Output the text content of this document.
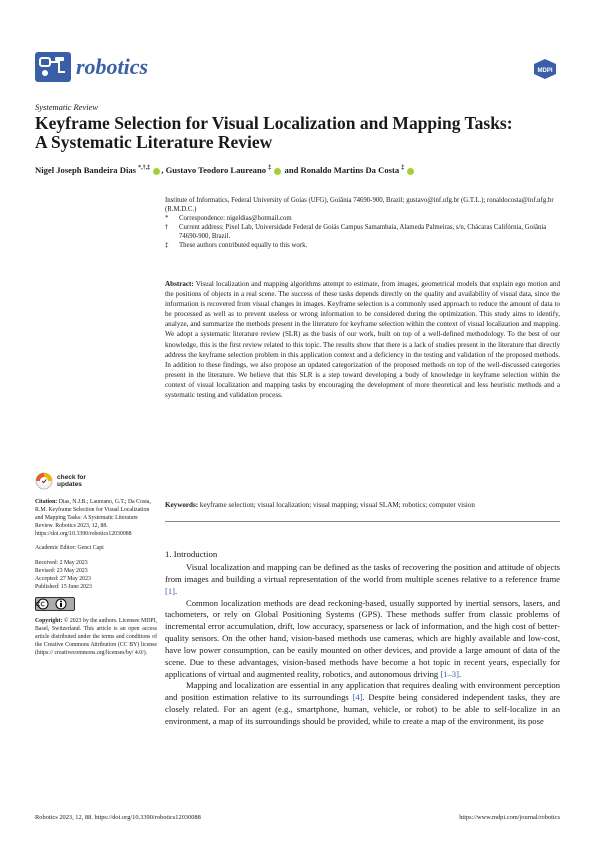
robotics	MDPI
Systematic Review
Keyframe Selection for Visual Localization and Mapping Tasks: A Systematic Literature Review
Nigel Joseph Bandeira Dias *,†,‡ , Gustavo Teodoro Laureano ‡  and Ronaldo Martins Da Costa ‡
Institute of Informatics, Federal University of Goias (UFG), Goiânia 74690-900, Brazil; gustavo@inf.ufg.br (G.T.L.); ronaldocosta@inf.ufg.br (R.M.D.C.)
*	Correspondence: nigeldias@hotmail.com
†	Current address: Pixel Lab, Universidade Federal de Goiás Campus Samambaia, Alameda Palmeiras, s/n, Chácaras Califórnia, Goiânia 74690-900, Brazil.
‡	These authors contributed equally to this work.
Abstract: Visual localization and mapping algorithms attempt to estimate, from images, geometrical models that explain ego motion and the positions of objects in a real scene. The success of these tasks depends directly on the quality and availability of visual data, since the information is recovered from visual changes in images. Keyframe selection is a commonly used approach to reduce the amount of data to be processed as well as to prevent useless or wrong information to be considered during the optimization. This study aims to identify, analyze, and summarize the methods present in the literature for keyframe selection within the context of visual localization and mapping. We adopt a systematic literature review (SLR) as the basis of our work, built on top of a well-defined methodology. To the best of our knowledge, this is the first review related to this topic. The results show that there is a lack of studies present in the literature that directly address the keyframe selection problem in this application context and a deficiency in the testing and validation of the proposed methods. In addition to these findings, we also propose an updated categorization of the proposed methods on top of the well-discussed categories present in the literature. We believe that this SLR is a step toward developing a body of knowledge in keyframe selection within the context of visual localization and mapping tasks by encouraging the development of more theoretical and less heuristic methods and a systematic testing and validation process.
Keywords: keyframe selection; visual localization; visual mapping; visual SLAM; robotics; computer vision
check for
updates
Citation: Dias, N.J.B.; Laureano, G.T.; Da Costa, R.M. Keyframe Selection for Visual Localization and Mapping Tasks: A Systematic Literature Review. Robotics 2023, 12, 88. https://doi.org/10.3390/robotics12030088
Academic Editor: Genci Capi
Received: 2 May 2023
Revised: 23 May 2023
Accepted: 27 May 2023
Published: 15 June 2023
Copyright: © 2023 by the authors. Licensee MDPI, Basel, Switzerland. This article is an open access article distributed under the terms and conditions of the Creative Commons Attribution (CC BY) license (https:// creativecommons.org/licenses/by/ 4.0/).
1. Introduction

Visual localization and mapping can be defined as the tasks of recovering the position and attitude of objects from images and building a virtual representation of the world from multiple scenes relative to a reference frame [1].

Common localization methods are dead reckoning-based, usually supported by inertial sensors, lasers, and tachometers, or rely on Global Positioning Systems (GPS). These methods suffer from classic problems of incremental error accumulation, drift, low accuracy, sparseness or lack of information, and the high cost of better-quality sensors. On the other hand, vision-based methods use cameras, which are highly available and low-cost, have low power consumption, can be easily mounted on other devices, and provide a large amount of data of the scene. Due to these advantages, vision-based methods have become a hot topic in recent years, especially for applications of virtual and augmented reality, robotics, and autonomous driving [1–3].

Mapping and localization are essential in any application that requires dealing with environment perception and position estimation relative to its surroundings [4]. Despite being considered independent tasks, they are closely related. For an agent (e.g., smartphone, human, vehicle, or robot) to be able to self-localize in an environment, a map of its surroundings should be provided, while to create a map of the environment, its pose

Robotics 2023, 12, 88. https://doi.org/10.3390/robotics12030088	https://www.mdpi.com/journal/robotics
